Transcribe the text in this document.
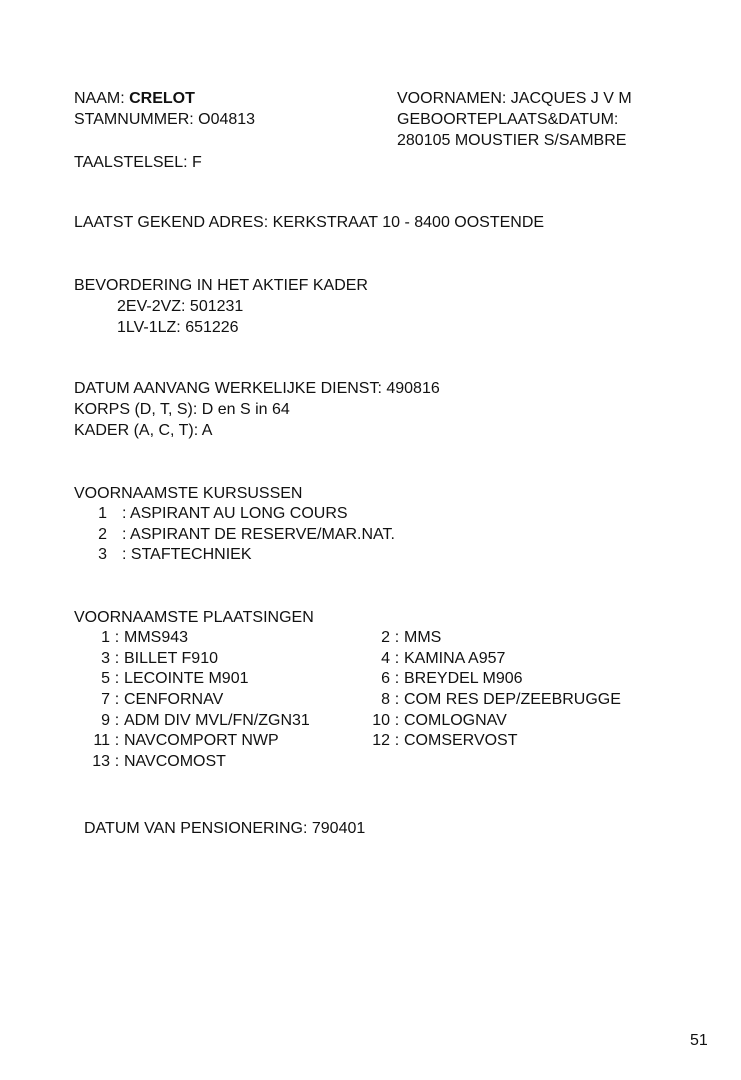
NAAM: CRELOT
STAMNUMMER: O04813
TAALSTELSEL: F
VOORNAMEN: JACQUES J V M
GEBOORTEPLAATS&DATUM:
280105 MOUSTIER S/SAMBRE
LAATST GEKEND ADRES: KERKSTRAAT 10 - 8400 OOSTENDE
BEVORDERING IN HET AKTIEF KADER
2EV-2VZ: 501231
1LV-1LZ: 651226
DATUM AANVANG WERKELIJKE DIENST: 490816
KORPS (D, T, S): D en S in 64
KADER (A, C, T): A
VOORNAAMSTE KURSUSSEN
1 : ASPIRANT AU LONG COURS
2 : ASPIRANT DE RESERVE/MAR.NAT.
3 : STAFTECHNIEK
VOORNAAMSTE PLAATSINGEN
1 : MMS943
3 : BILLET F910
5 : LECOINTE M901
7 : CENFORNAV
9 : ADM DIV MVL/FN/ZGN31
11 : NAVCOMPORT NWP
13 : NAVCOMOST
2 : MMS
4 : KAMINA A957
6 : BREYDEL M906
8 : COM RES DEP/ZEEBRUGGE
10 : COMLOGNAV
12 : COMSERVOST
DATUM VAN PENSIONERING: 790401
51
